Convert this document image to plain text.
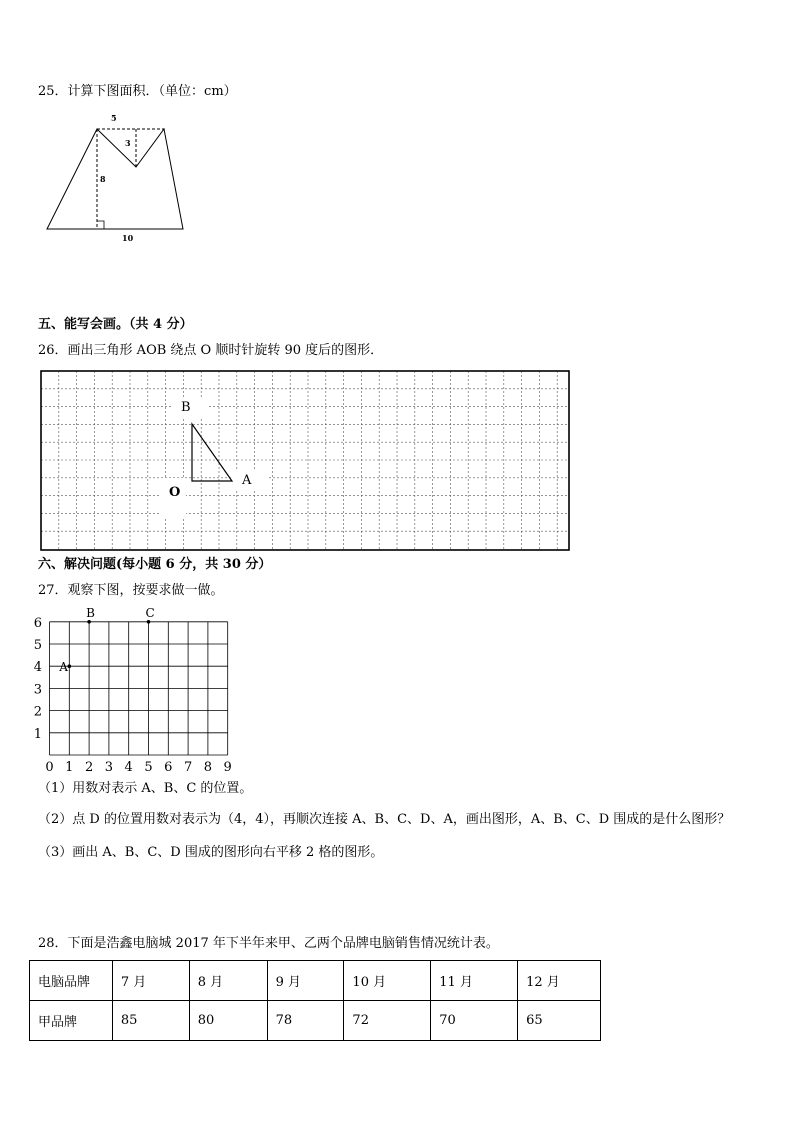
25．计算下图面积．（单位：cm）
5
3
8
10
五、能写会画。（共 4 分）
26．画出三角形 AOB 绕点 O 顺时针旋转 90 度后的图形．
B
A
O
六、解决问题(每小题 6 分，共 30 分）
27．观察下图，按要求做一做。
0 1 2 3 4 5 6 7 8 9
1
2
3
4
5
6
A
B	C
（1）用数对表示 A、B、C 的位置。
（2）点 D 的位置用数对表示为（4，4），再顺次连接 A、B、C、D、A，画出图形，A、B、C、D 围成的是什么图形？
（3）画出 A、B、C、D 围成的图形向右平移 2 格的图形。
28．下面是浩鑫电脑城 2017 年下半年来甲、乙两个品牌电脑销售情况统计表。
电脑品牌	7 月	8 月	9 月	10 月	11 月	12 月
甲品牌	85	80	78	72	70	65
